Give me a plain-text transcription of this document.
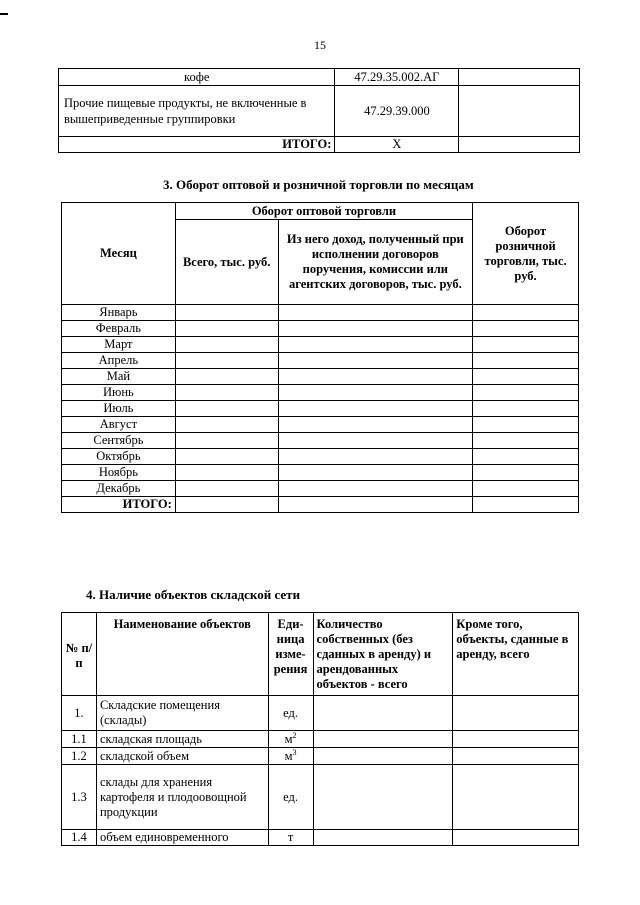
15
кофе	47.29.35.002.АГ	
Прочие пищевые продукты, не включенные в вышеприведенные группировки	47.29.39.000	
ИТОГО:	X	
3. Оборот оптовой и розничной торговли по месяцам
Месяц	Оборот оптовой торговли		Оборот розничной торговли, тыс. руб.
	Всего, тыс. руб.	Из него доход, полученный при исполнении договоров поручения, комиссии или агентских договоров, тыс. руб.	
Январь			
Февраль			
Март			
Апрель			
Май			
Июнь			
Июль			
Август			
Сентябрь			
Октябрь			
Ноябрь			
Декабрь			
ИТОГО:			
4. Наличие объектов складской сети
№ п/п	Наименование объектов	Еди- ница изме- рения	Количество собственных (без сданных в аренду) и арендованных объектов - всего	Кроме того, объекты, сданные в аренду, всего
1.	Складские помещения (склады)	ед.		
1.1	складская площадь	$м^2$		
1.2	складской объем	$м^3$		
1.3	склады для хранения картофеля и плодоовощной продукции	ед.		
1.4	объем единовременного	т		
